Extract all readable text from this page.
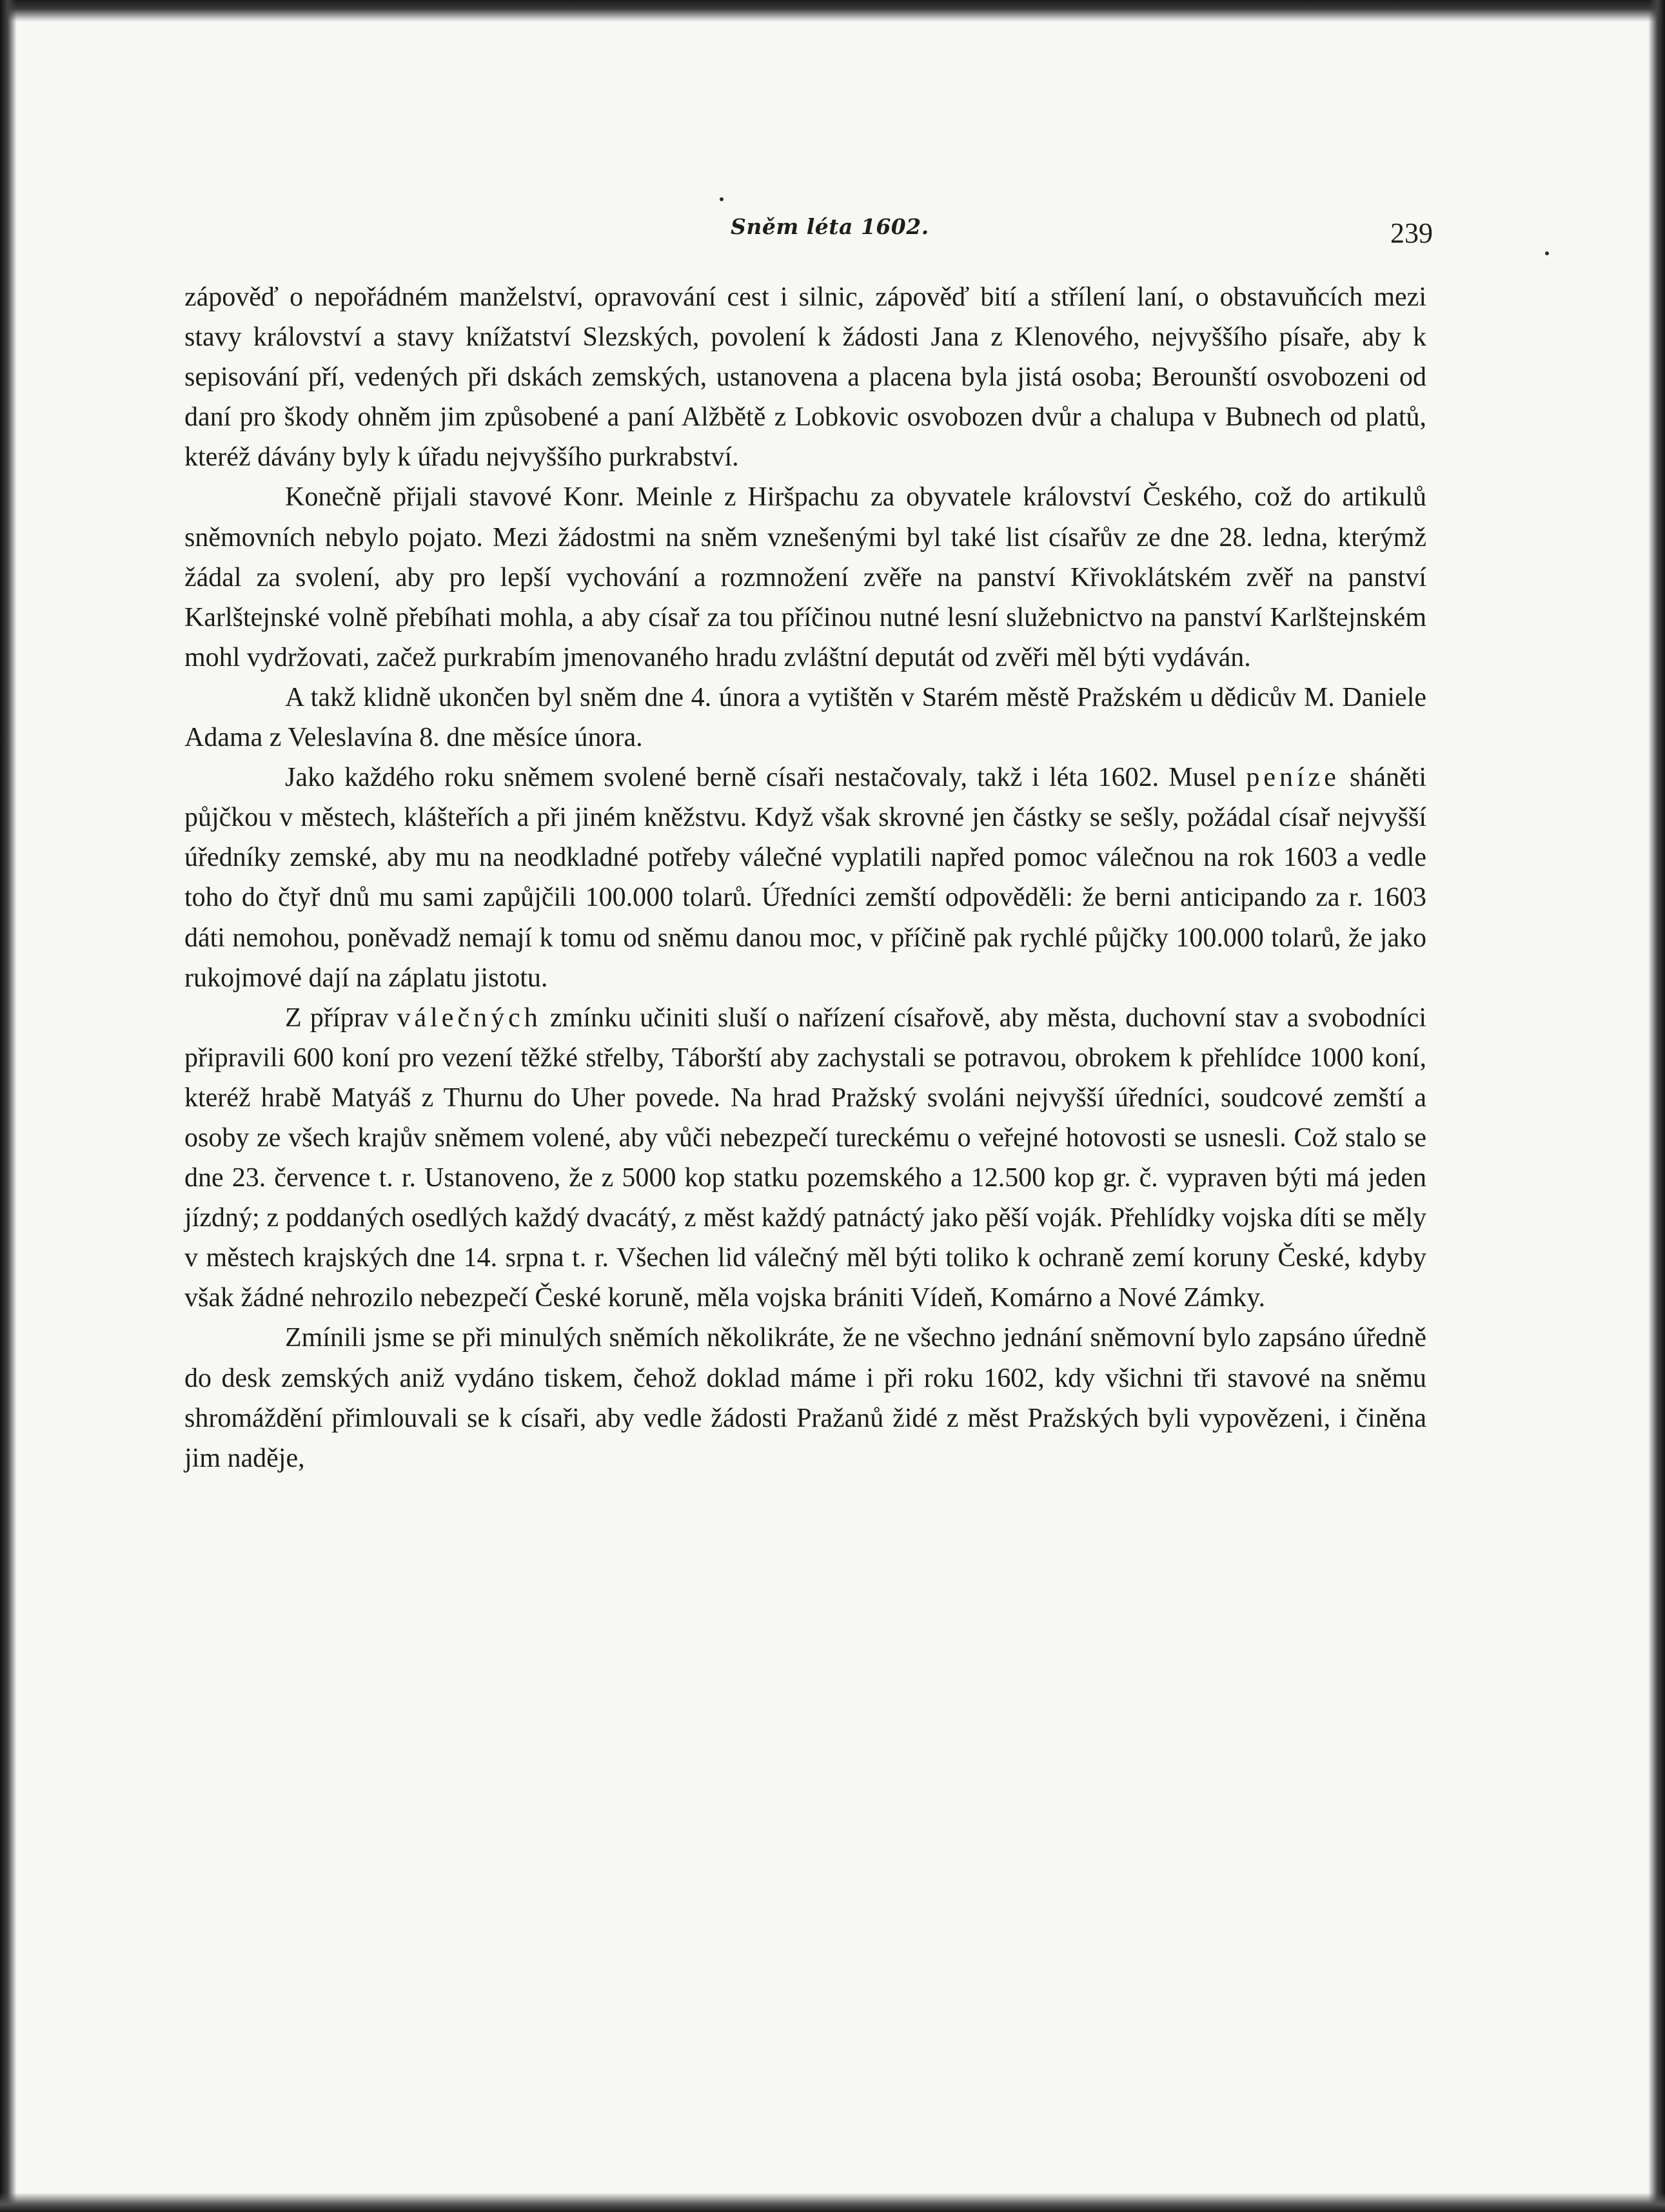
Sněm léta 1602.	239

zápověď o nepořádném manželství, opravování cest i silnic, zápověď bití a střílení laní, o obstavuňcích mezi stavy království a stavy knížatství Slezských, povolení k žádosti Jana z Klenového, nejvyššího písaře, aby k sepisování pří, vedených při dskách zemských, ustanovena a placena byla jistá osoba; Berounští osvobozeni od daní pro škody ohněm jim způsobené a paní Alžbětě z Lobkovic osvobozen dvůr a chalupa v Bubnech od platů, kteréž dávány byly k úřadu nejvyššího purkrabství.

Konečně přijali stavové Konr. Meinle z Hiršpachu za obyvatele království Českého, což do artikulů sněmovních nebylo pojato. Mezi žádostmi na sněm vznešenými byl také list císařův ze dne 28. ledna, kterýmž žádal za svolení, aby pro lepší vychování a rozmnožení zvěře na panství Křivoklátském zvěř na panství Karlštejnské volně přebíhati mohla, a aby císař za tou příčinou nutné lesní služebnictvo na panství Karlštejnském mohl vydržovati, začež purkrabím jmenovaného hradu zvláštní deputát od zvěři měl býti vydáván.

A takž klidně ukončen byl sněm dne 4. února a vytištěn v Starém městě Pražském u dědicův M. Daniele Adama z Veleslavína 8. dne měsíce února.

Jako každého roku sněmem svolené berně císaři nestačovaly, takž i léta 1602. Musel peníze sháněti půjčkou v městech, klášteřích a při jiném kněžstvu. Když však skrovné jen částky se sešly, požádal císař nejvyšší úředníky zemské, aby mu na neodkladné potřeby válečné vyplatili napřed pomoc válečnou na rok 1603 a vedle toho do čtyř dnů mu sami zapůjčili 100.000 tolarů. Úředníci zemští odpověděli: že berni anticipando za r. 1603 dáti nemohou, poněvadž nemají k tomu od sněmu danou moc, v příčině pak rychlé půjčky 100.000 tolarů, že jako rukojmové dají na záplatu jistotu.

Z příprav válečných zmínku učiniti sluší o nařízení císařově, aby města, duchovní stav a svobodníci připravili 600 koní pro vezení těžké střelby, Táborští aby zachystali se potravou, obrokem k přehlídce 1000 koní, kteréž hrabě Matyáš z Thurnu do Uher povede. Na hrad Pražský svoláni nejvyšší úředníci, soudcové zemští a osoby ze všech krajův sněmem volené, aby vůči nebezpečí tureckému o veřejné hotovosti se usnesli. Což stalo se dne 23. července t. r. Ustanoveno, že z 5000 kop statku pozemského a 12.500 kop gr. č. vypraven býti má jeden jízdný; z poddaných osedlých každý dvacátý, z měst každý patnáctý jako pěší voják. Přehlídky vojska díti se měly v městech krajských dne 14. srpna t. r. Všechen lid válečný měl býti toliko k ochraně zemí koruny České, kdyby však žádné nehrozilo nebezpečí České koruně, měla vojska brániti Vídeň, Komárno a Nové Zámky.

Zmínili jsme se při minulých sněmích několikráte, že ne všechno jednání sněmovní bylo zapsáno úředně do desk zemských aniž vydáno tiskem, čehož doklad máme i při roku 1602, kdy všichni tři stavové na sněmu shromáždění přimlouvali se k císaři, aby vedle žádosti Pražanů židé z měst Pražských byli vypovězeni, i činěna jim naděje,
